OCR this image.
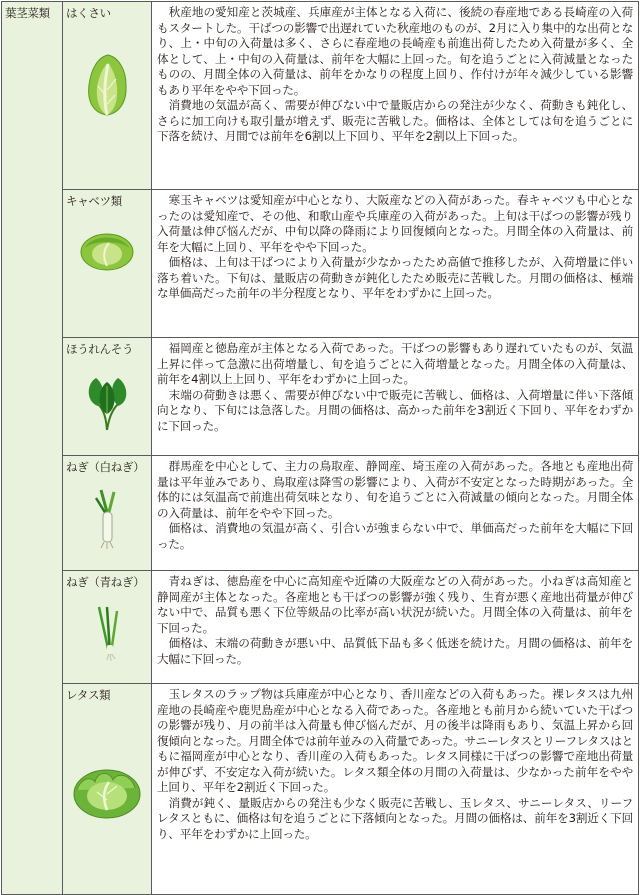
葉茎菜類	はくさい	秋産地の愛知産と茨城産、兵庫産が主体となる入荷に、後続の春産地である長崎産の入荷もスタートした。干ばつの影響で出遅れていた秋産地のものが、2月に入り集中的な出荷となり、上・中旬の入荷量は多く、さらに春産地の長崎産も前進出荷したため入荷量が多く、全体として、上・中旬の入荷量は、前年を大幅に上回った。旬を追うごとに入荷減量となったものの、月間全体の入荷量は、前年をかなりの程度上回り、作付けが年々減少している影響もあり平年をやや下回った。

消費地の気温が高く、需要が伸びない中で量販店からの発注が少なく、荷動きも鈍化し、さらに加工向けも取引量が増えず、販売に苦戦した。価格は、全体としては旬を追うごとに下落を続け、月間では前年を6割以上下回り、平年を2割以上下回った。

	キャベツ類	寒玉キャベツは愛知産が中心となり、大阪産などの入荷があった。春キャベツも中心となったのは愛知産で、その他、和歌山産や兵庫産の入荷があった。上旬は干ばつの影響が残り入荷量は伸び悩んだが、中旬以降の降雨により回復傾向となった。月間全体の入荷量は、前年を大幅に上回り、平年をやや下回った。

価格は、上旬は干ばつにより入荷量が少なかったため高値で推移したが、入荷増量に伴い落ち着いた。下旬は、量販店の荷動きが鈍化したため販売に苦戦した。月間の価格は、極端な単価高だった前年の半分程度となり、平年をわずかに上回った。

	ほうれんそう	福岡産と徳島産が主体となる入荷であった。干ばつの影響もあり遅れていたものが、気温上昇に伴って急激に出荷増量し、旬を追うごとに入荷増量となった。月間全体の入荷量は、前年を4割以上上回り、平年をわずかに上回った。

末端の荷動きは悪く、需要が伸びない中で販売に苦戦し、価格は、入荷増量に伴い下落傾向となり、下旬には急落した。月間の価格は、高かった前年を3割近く下回り、平年をわずかに下回った。

	ねぎ（白ねぎ）	群馬産を中心として、主力の鳥取産、静岡産、埼玉産の入荷があった。各地とも産地出荷量は平年並みであり、鳥取産は降雪の影響により、入荷が不安定となった時期があった。全体的には気温高で前進出荷気味となり、旬を追うごとに入荷減量の傾向となった。月間全体の入荷量は、前年をやや下回った。

価格は、消費地の気温が高く、引合いが強まらない中で、単価高だった前年を大幅に下回った。

	ねぎ（青ねぎ）	青ねぎは、徳島産を中心に高知産や近隣の大阪産などの入荷があった。小ねぎは高知産と静岡産が主体となった。各産地とも干ばつの影響が強く残り、生育が悪く産地出荷量が伸びない中で、品質も悪く下位等級品の比率が高い状況が続いた。月間全体の入荷量は、前年を下回った。

価格は、末端の荷動きが悪い中、品質低下品も多く低迷を続けた。月間の価格は、前年を大幅に下回った。

	レタス類	玉レタスのラップ物は兵庫産が中心となり、香川産などの入荷もあった。裸レタスは九州産地の長崎産や鹿児島産が中心となる入荷であった。各産地とも前月から続いていた干ばつの影響が残り、月の前半は入荷量も伸び悩んだが、月の後半は降雨もあり、気温上昇から回復傾向となった。月間全体では前年並みの入荷量であった。サニーレタスとリーフレタスはともに福岡産が中心となり、香川産の入荷もあった。レタス同様に干ばつの影響で産地出荷量が伸びず、不安定な入荷が続いた。レタス類全体の月間の入荷量は、少なかった前年をやや上回り、平年を2割近く下回った。

消費が鈍く、量販店からの発注も少なく販売に苦戦し、玉レタス、サニーレタス、リーフレタスともに、価格は旬を追うごとに下落傾向となった。月間の価格は、前年を3割近く下回り、平年をわずかに上回った。
